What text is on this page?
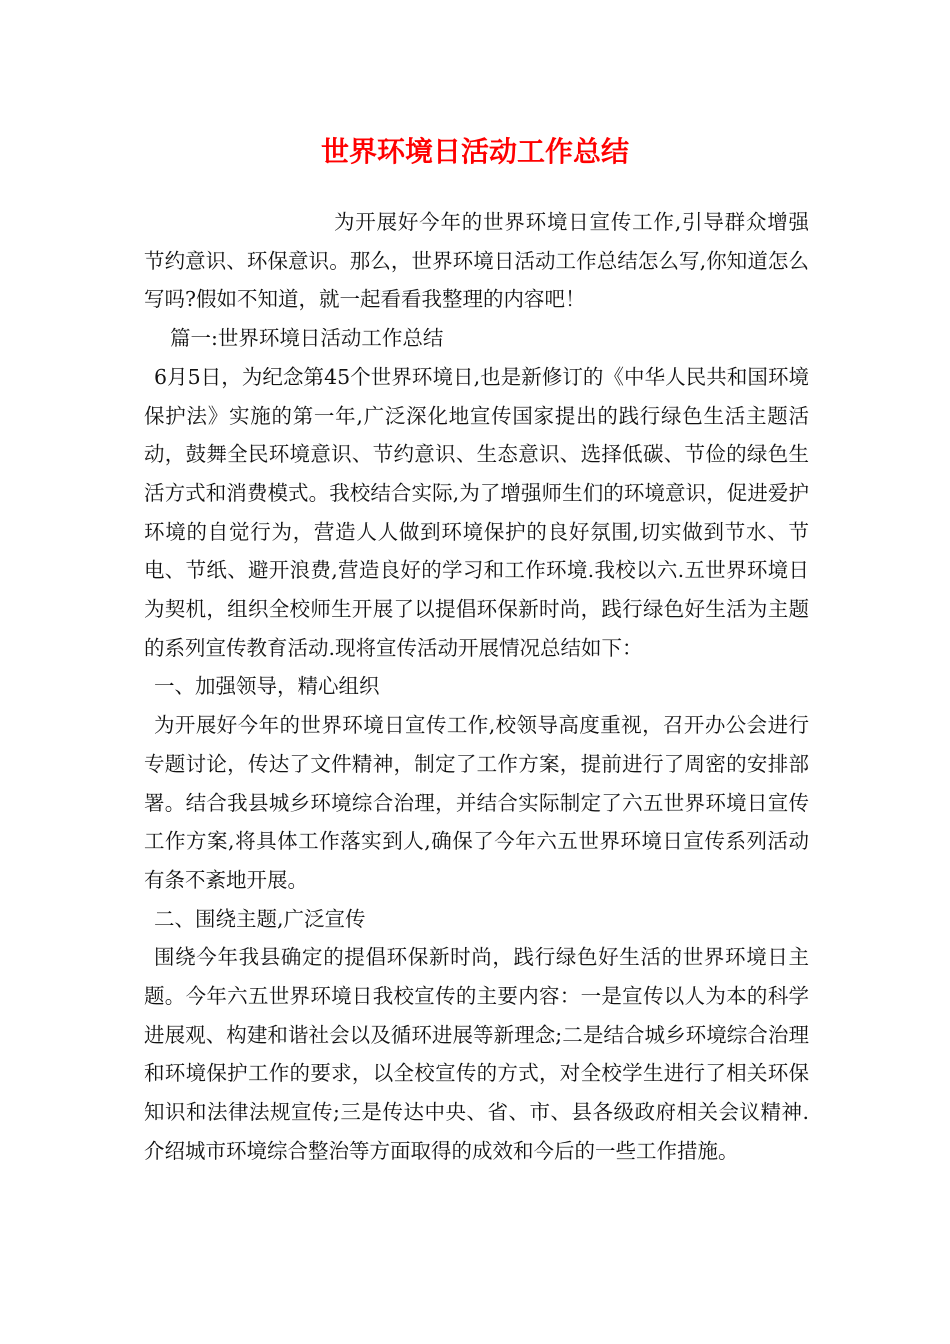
世界环境日活动工作总结

为开展好今年的世界环境日宣传工作,引导群众增强节约意识、环保意识。那么，世界环境日活动工作总结怎么写,你知道怎么写吗?假如不知道，就一起看看我整理的内容吧！

篇一:世界环境日活动工作总结

6月5日，为纪念第45个世界环境日,也是新修订的《中华人民共和国环境保护法》实施的第一年,广泛深化地宣传国家提出的践行绿色生活主题活动，鼓舞全民环境意识、节约意识、生态意识、选择低碳、节俭的绿色生活方式和消费模式。我校结合实际,为了增强师生们的环境意识，促进爱护环境的自觉行为，营造人人做到环境保护的良好氛围,切实做到节水、节电、节纸、避开浪费,营造良好的学习和工作环境.我校以六.五世界环境日为契机，组织全校师生开展了以提倡环保新时尚，践行绿色好生活为主题的系列宣传教育活动.现将宣传活动开展情况总结如下：

一、加强领导，精心组织

为开展好今年的世界环境日宣传工作,校领导高度重视，召开办公会进行专题讨论，传达了文件精神，制定了工作方案，提前进行了周密的安排部署。结合我县城乡环境综合治理，并结合实际制定了六五世界环境日宣传工作方案,将具体工作落实到人,确保了今年六五世界环境日宣传系列活动有条不紊地开展。

二、围绕主题,广泛宣传

围绕今年我县确定的提倡环保新时尚，践行绿色好生活的世界环境日主题。今年六五世界环境日我校宣传的主要内容：一是宣传以人为本的科学进展观、构建和谐社会以及循环进展等新理念;二是结合城乡环境综合治理和环境保护工作的要求，以全校宣传的方式，对全校学生进行了相关环保知识和法律法规宣传;三是传达中央、省、市、县各级政府相关会议精神.介绍城市环境综合整治等方面取得的成效和今后的一些工作措施。
